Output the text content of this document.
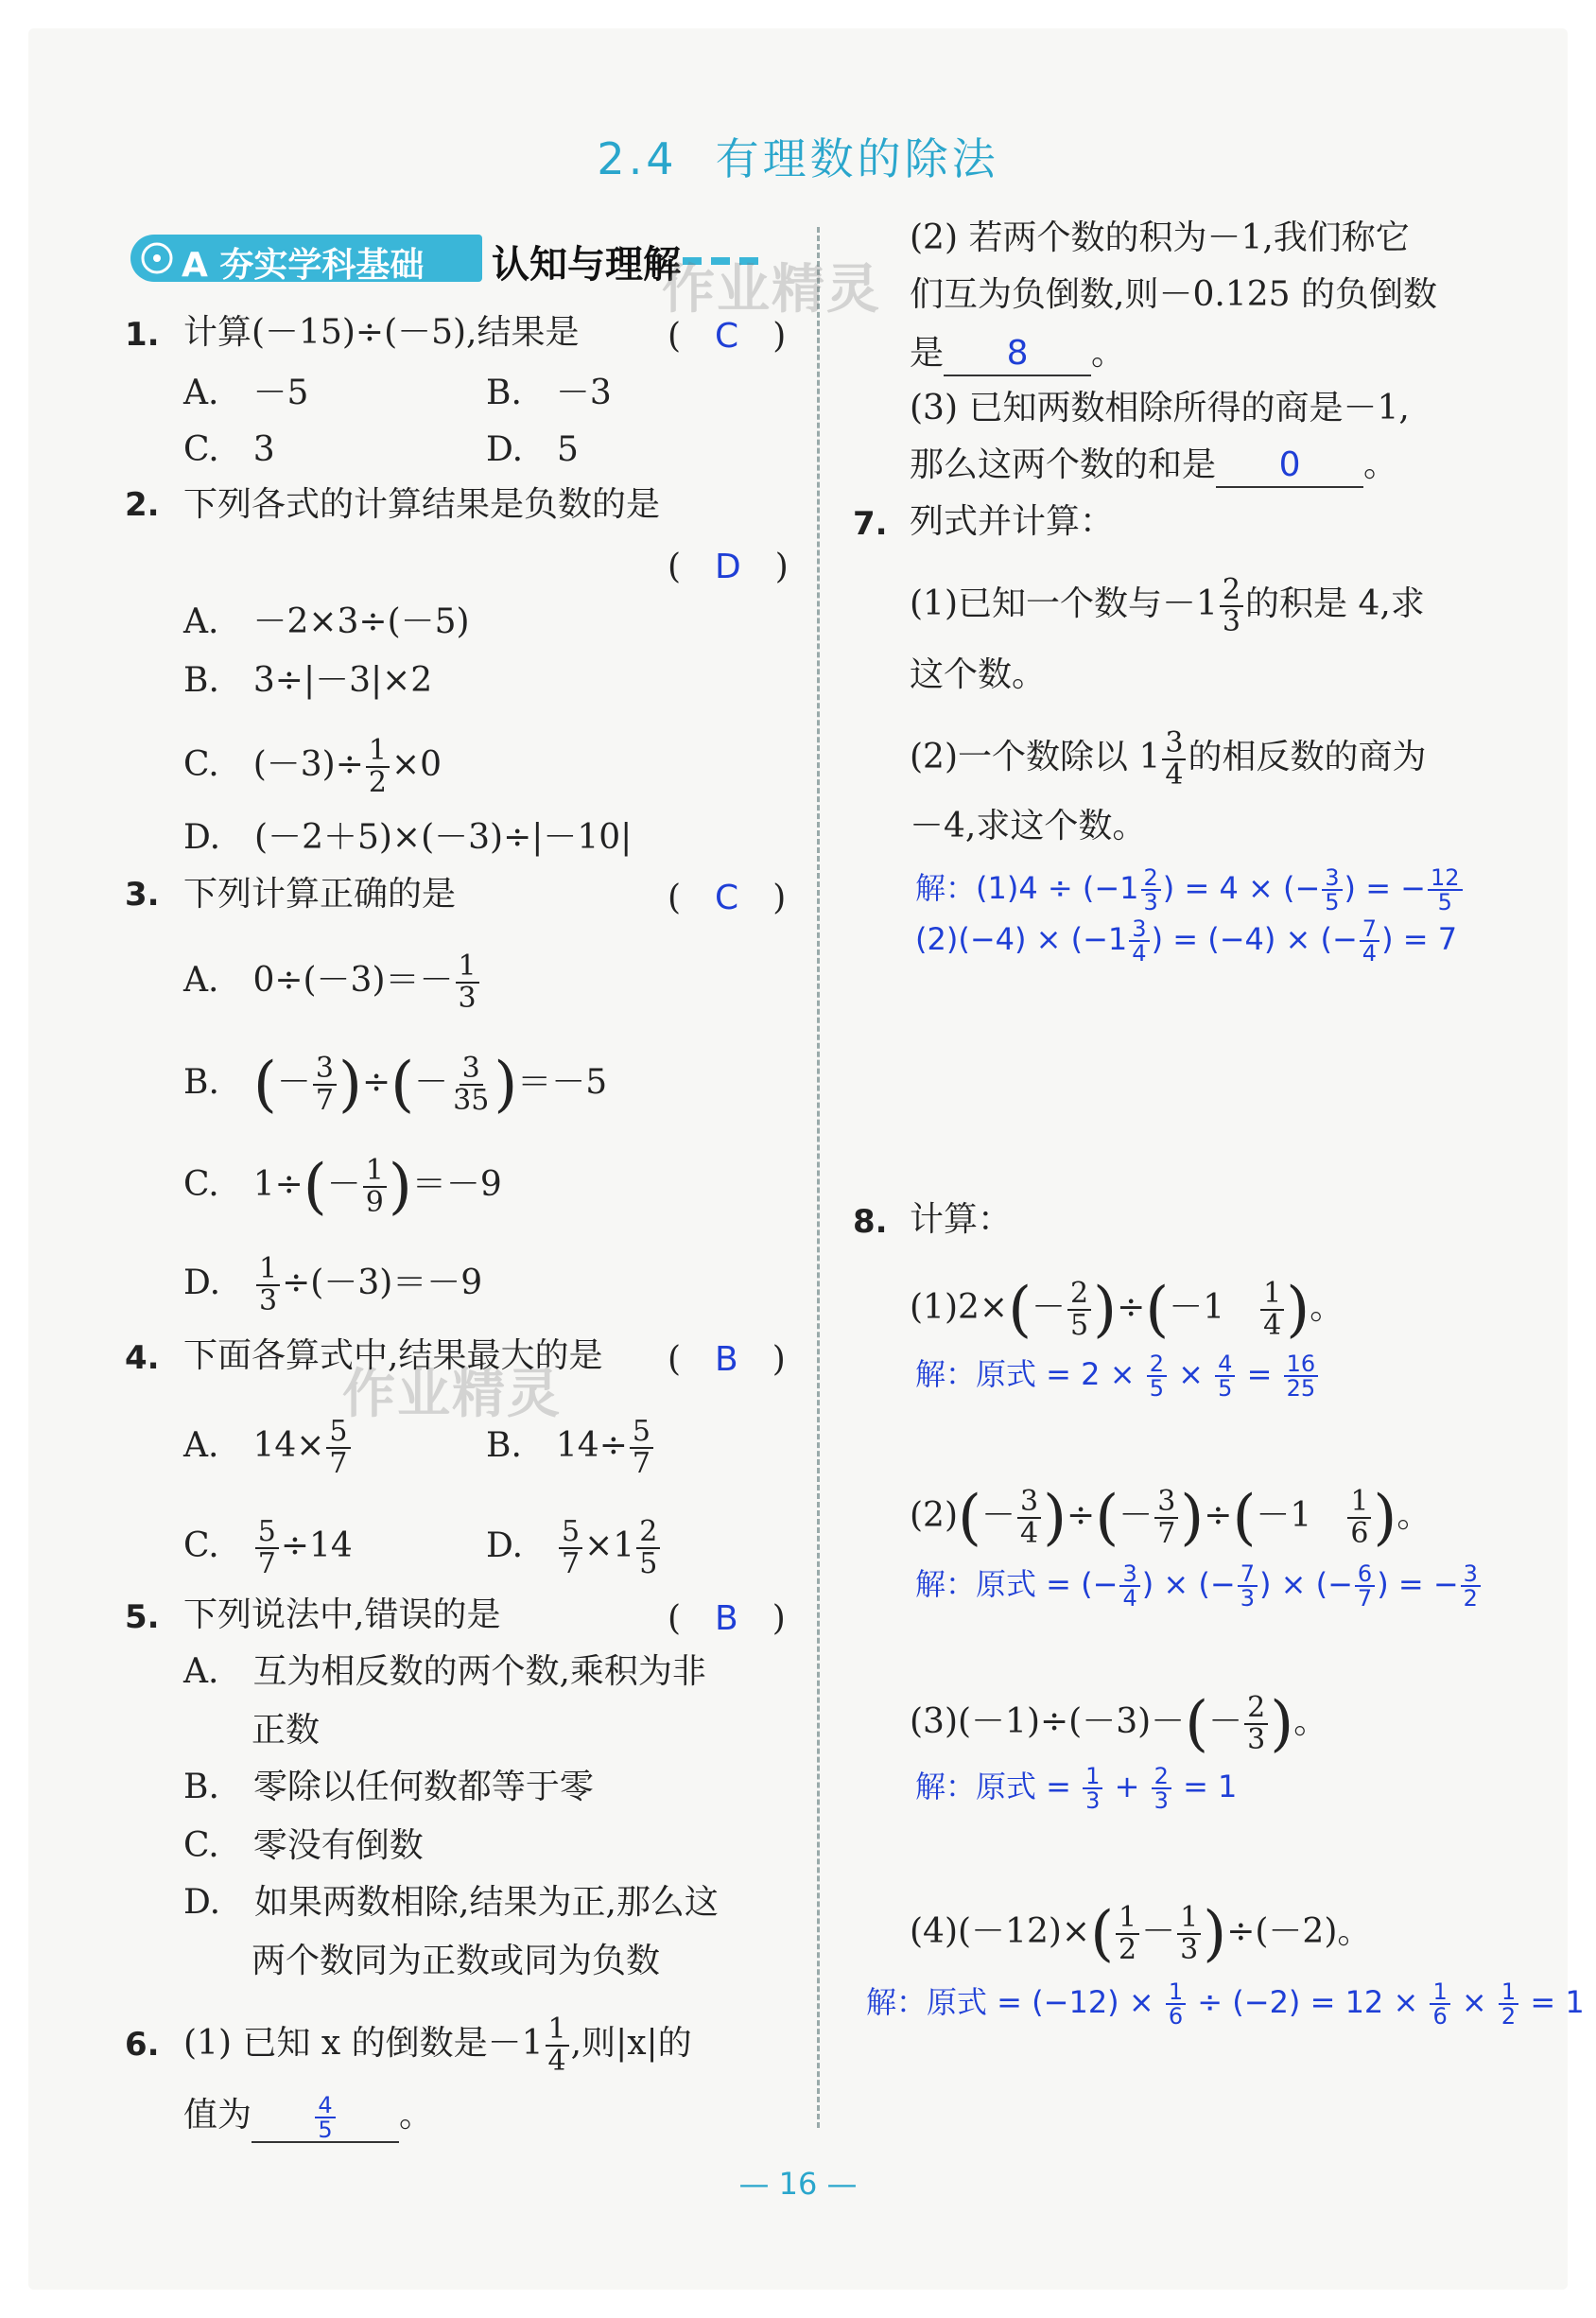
2.4 有理数的除法
A 夯实学科基础 认知与理解
作业精灵
作业精灵
1. 计算(－15)÷(－5),结果是	(　C　)
A.　－5	B.　－3
C.　3	D.　5
2. 下列各式的计算结果是负数的是
(　D　)
A.　－2×3÷(－5)
B.　3÷|－3|×2
C.　$(-3)\div \frac{1}{2} \times 0$
D.　(－2＋5)×(－3)÷|－10|
3. 下列计算正确的是	(　C　)
A.　$0\div(-3)=- \frac{1}{3}$
B.　 (－ $\frac{3}{7}$ )÷(－ $\frac{3}{35} )=-5$
C.　$1\div(- \frac{1}{9} )=-9$
D.　 $\frac{1}{3} \div(-3)=-9$
4. 下面各算式中,结果最大的是 (　B　)
A.　$14\times \frac{5}{7}$	B.　$14\div \frac{5}{7}$
C.　 $\frac{5}{7} \div 14$	D.　 $\frac{5}{7} \times 1 \frac{2}{5}$
5. 下列说法中,错误的是	(　B　)
A.　互为相反数的两个数,乘积为非
正数
B.　零除以任何数都等于零
C.　零没有倒数
D.　如果两数相除,结果为正,那么这
两个数同为正数或同为负数
6. (1) 已知 x 的倒数是$-1 \frac{1}{4}$ ,则|x|的
值为	$\frac{4}{5}$ 。
(2) 若两个数的积为－1,我们称它
们互为负倒数,则－0.125 的负倒数
是 8 。
(3) 已知两数相除所得的商是－1,
那么这两个数的和是 0 。
7. 列式并计算：
(1)已知一个数与$-1 \frac{2}{3}$ 的积是 4,求
这个数。
(2)一个数除以 $1 \frac{3}{4}$ 的相反数的商为
－4,求这个数。
解：$(1)4 \div (-1 \frac{2}{3}$ ) = 4 × (− $\frac{3}{5}$ ) = − $\frac{12}{5}$
$(2)(-4) \times (-1 \frac{3}{4}$ ) = (−4) × (− $\frac{7}{4}$ ) = 7
8. 计算：
$(1)2\times(- \frac{2}{5} )\div(-1$　 $\frac{1}{4}$ )。
解：原式 = $2 \times \frac{2}{5} \times \frac{4}{5} = \frac{16}{25}$
$(2)(- \frac{3}{4}$ )÷(－ $\frac{3}{7} )\div(-1$　 $\frac{1}{6}$ )。
解：原式 = (− $\frac{3}{4}$ ) × (− $\frac{7}{3}$ ) × (− $\frac{6}{7}$ ) = − $\frac{3}{2}$
$(3)(-1)\div(-3)-(- \frac{2}{3}$ )。
解：原式 = $\frac{1}{3} + \frac{2}{3} = 1$
$(4)(-12)\times( \frac{1}{2} - \frac{1}{3} )\div(-2)$。
解：原式 = $(-12) \times \frac{1}{6} \div (-2) = 12 \times \frac{1}{6} \times \frac{1}{2} = 1$
— 16 —
